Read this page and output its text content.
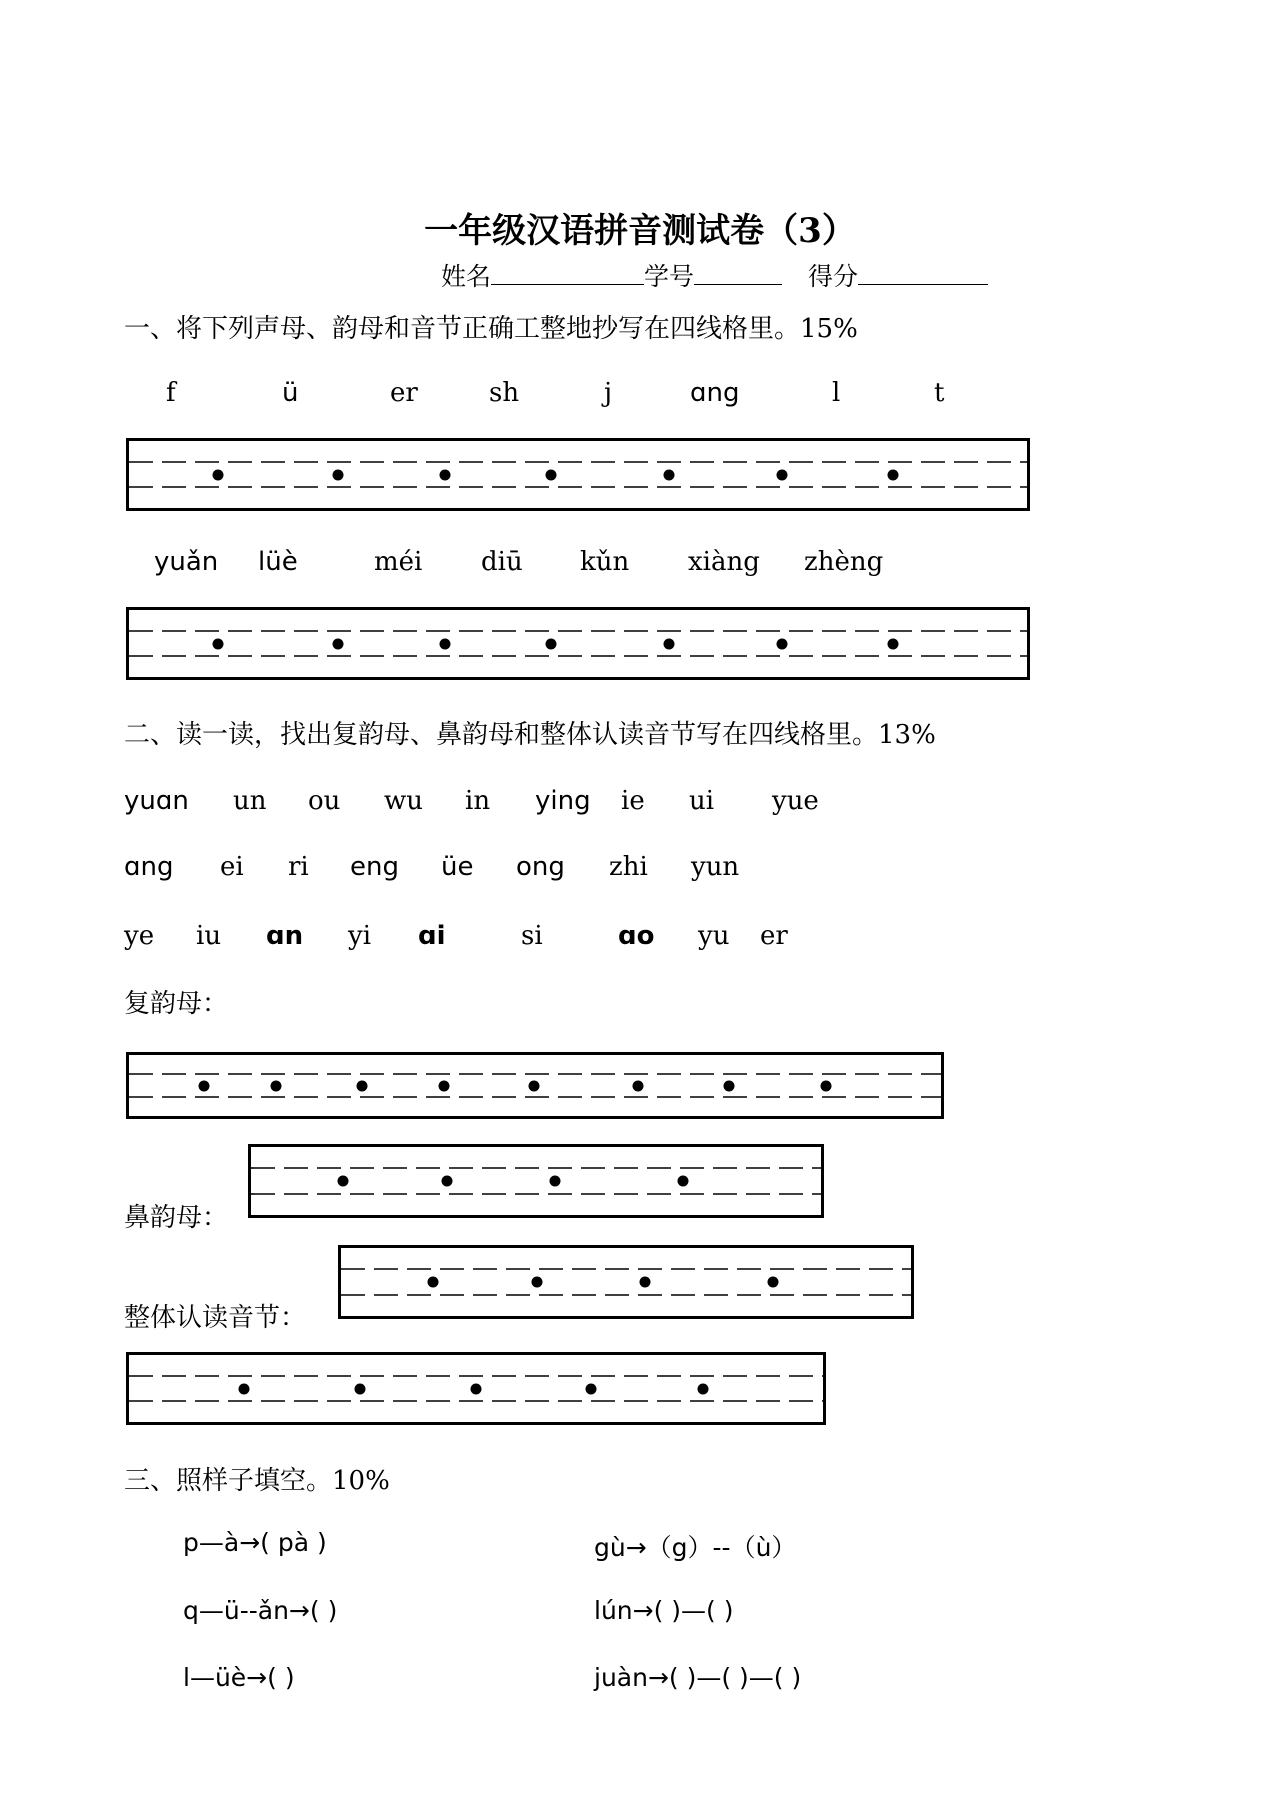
一年级汉语拼音测试卷（3）
姓名	学号	得分
一、将下列声母、韵母和音节正确工整地抄写在四线格里。15%
f	ü	er	sh	j	ɑng	l	t
yuǎn lüè	méi diū kǔn xiàng zhèng
二、读一读，找出复韵母、鼻韵母和整体认读音节写在四线格里。13%
yuɑn un ou wu in ying ie ui yue
ɑng ei ri eng üe ong zhi yun
ye iu ɑn yi ɑi	si	ɑo yu er
复韵母：
鼻韵母：
整体认读音节：
三、照样子填空。10%
p—à→( pà )
q—ü--ǎn→( )
l—üè→( )
gù→（g）--（ù）
lún→( )—( )
juàn→( )—( )—( )
